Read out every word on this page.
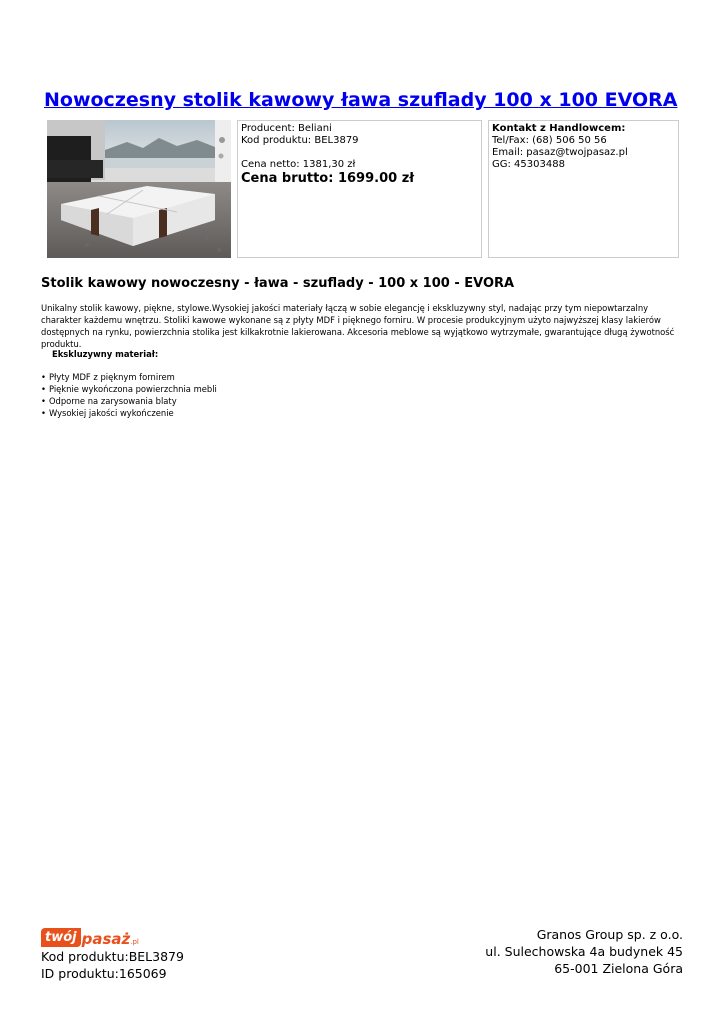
Nowoczesny stolik kawowy ława szuflady 100 x 100 EVORA
Producent: Beliani
Kod produktu: BEL3879
Cena netto: 1381,30 zł
Cena brutto: 1699.00 zł
Kontakt z Handlowcem:
Tel/Fax: (68) 506 50 56
Email: pasaz@twojpasaz.pl
GG: 45303488
Stolik kawowy nowoczesny - ława - szuflady - 100 x 100 - EVORA
Unikalny stolik kawowy, piękne, stylowe.Wysokiej jakości materiały łączą w sobie elegancję i ekskluzywny styl, nadając przy tym niepowtarzalny charakter każdemu wnętrzu. Stoliki kawowe wykonane są z płyty MDF i pięknego forniru. W procesie produkcyjnym użyto najwyższej klasy lakierów dostępnych na rynku, powierzchnia stolika jest kilkakrotnie lakierowana. Akcesoria meblowe są wyjątkowo wytrzymałe, gwarantujące długą żywotność produktu.
Ekskluzywny materiał:
• Płyty MDF z pięknym fornirem
• Pięknie wykończona powierzchnia mebli
• Odporne na zarysowania blaty
• Wysokiej jakości wykończenie
twój pasaż .pl
Kod produktu:BEL3879
ID produktu:165069
Granos Group sp. z o.o.
ul. Sulechowska 4a budynek 45
65-001 Zielona Góra
